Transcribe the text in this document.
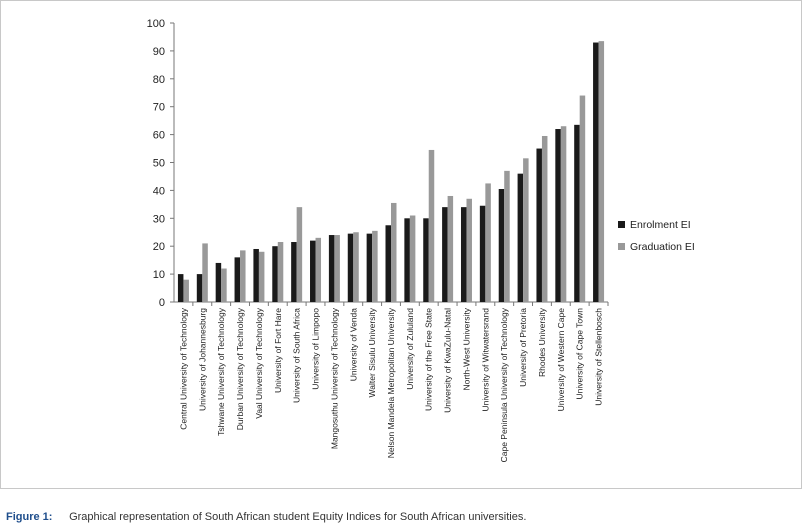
0
10
20
30
40
50
60
70
80
90
100
Central University of Technology University of Johannesburg Tshwane University of Technology Durban University of Technology Vaal University of Technology University of Fort Hare University of South Africa University of Limpopo Mangosuthu University of Technology University of Venda Walter Sisulu University Nelson Mandela Metropolitan University University of Zululand University of the Free State University of KwaZulu-Natal North-West University University of Witwatersrand Cape Peninsula University of Technology University of Pretoria Rhodes University University of Western Cape University of Cape Town University of Stellenbosch
Enrolment EI
Graduation EI
Figure 1: Graphical representation of South African student Equity Indices for South African universities.
